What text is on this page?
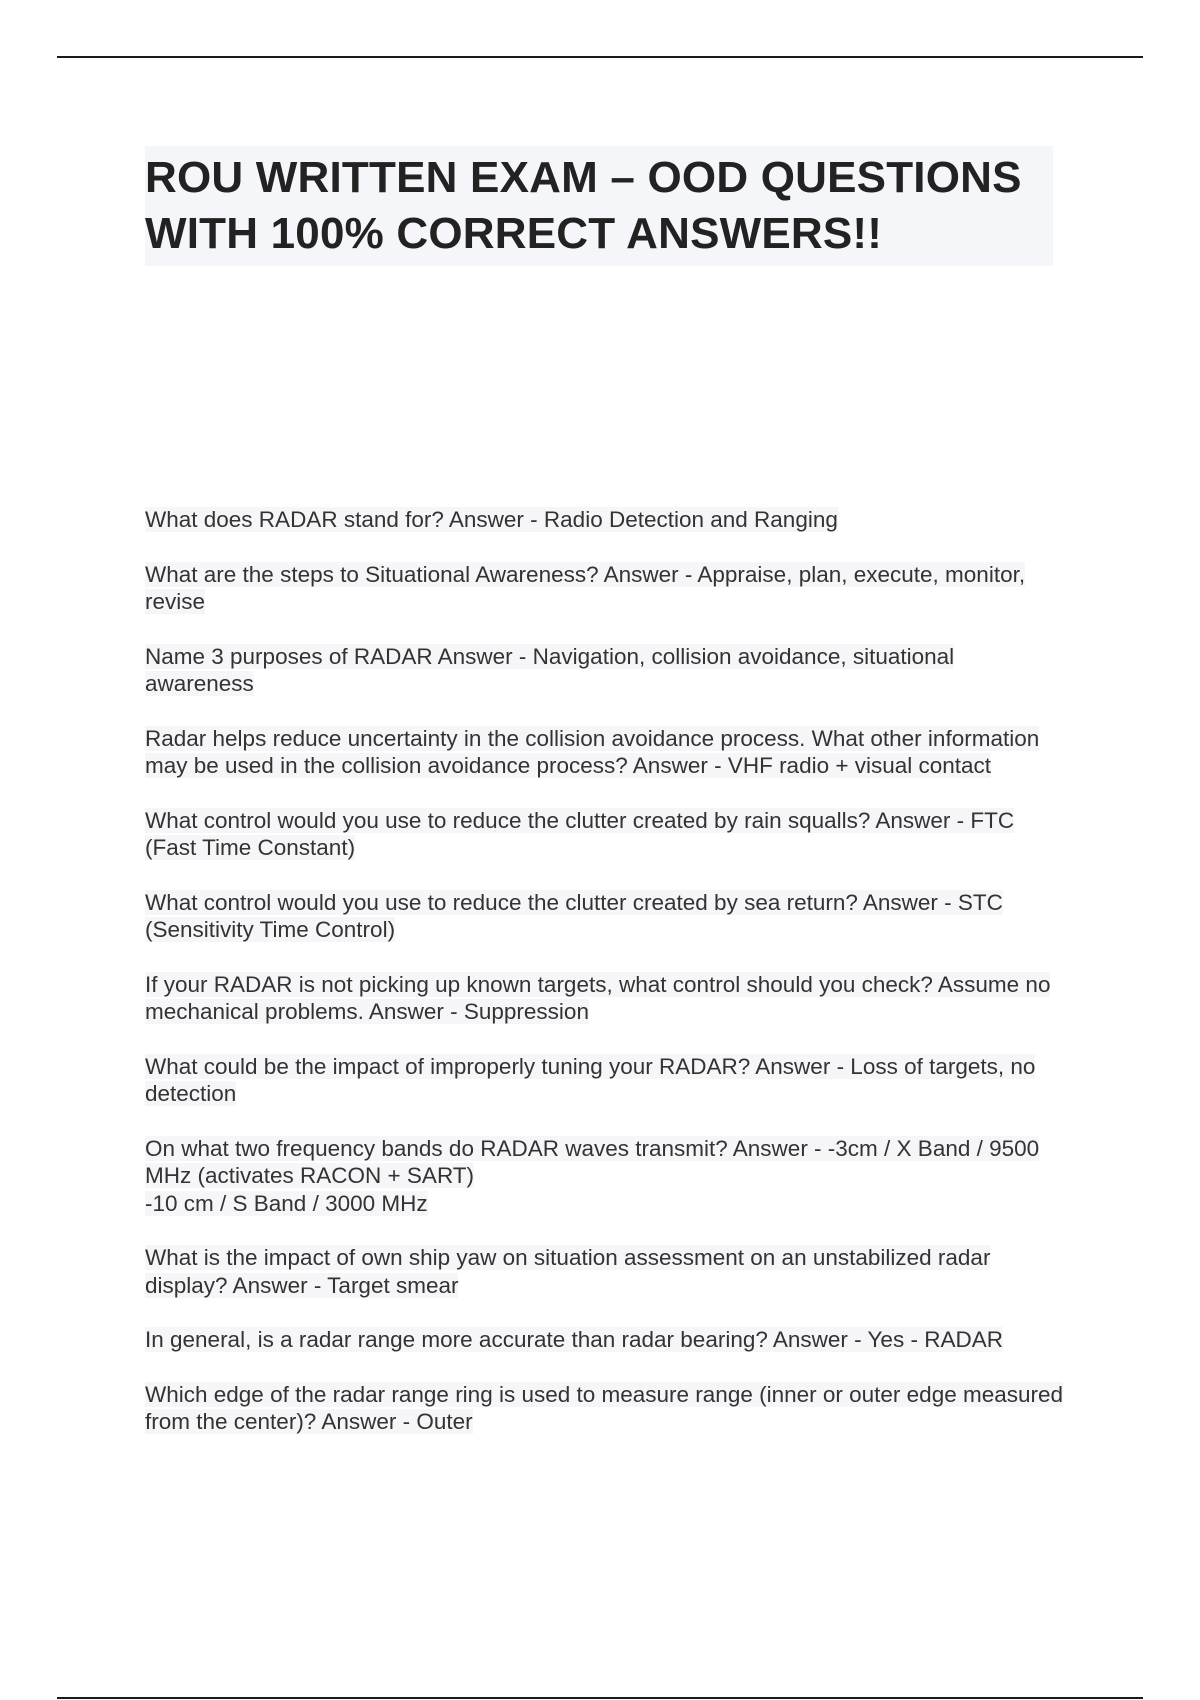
ROU WRITTEN EXAM – OOD QUESTIONS WITH 100% CORRECT ANSWERS!!

What does RADAR stand for? Answer - Radio Detection and Ranging

What are the steps to Situational Awareness? Answer - Appraise, plan, execute, monitor, revise

Name 3 purposes of RADAR Answer - Navigation, collision avoidance, situational awareness

Radar helps reduce uncertainty in the collision avoidance process. What other information may be used in the collision avoidance process? Answer - VHF radio + visual contact

What control would you use to reduce the clutter created by rain squalls? Answer - FTC (Fast Time Constant)

What control would you use to reduce the clutter created by sea return? Answer - STC (Sensitivity Time Control)

If your RADAR is not picking up known targets, what control should you check? Assume no mechanical problems. Answer - Suppression

What could be the impact of improperly tuning your RADAR? Answer - Loss of targets, no detection

On what two frequency bands do RADAR waves transmit? Answer - -3cm / X Band / 9500 MHz (activates RACON + SART)
-10 cm / S Band / 3000 MHz

What is the impact of own ship yaw on situation assessment on an unstabilized radar display? Answer - Target smear

In general, is a radar range more accurate than radar bearing? Answer - Yes - RADAR

Which edge of the radar range ring is used to measure range (inner or outer edge measured from the center)? Answer - Outer
